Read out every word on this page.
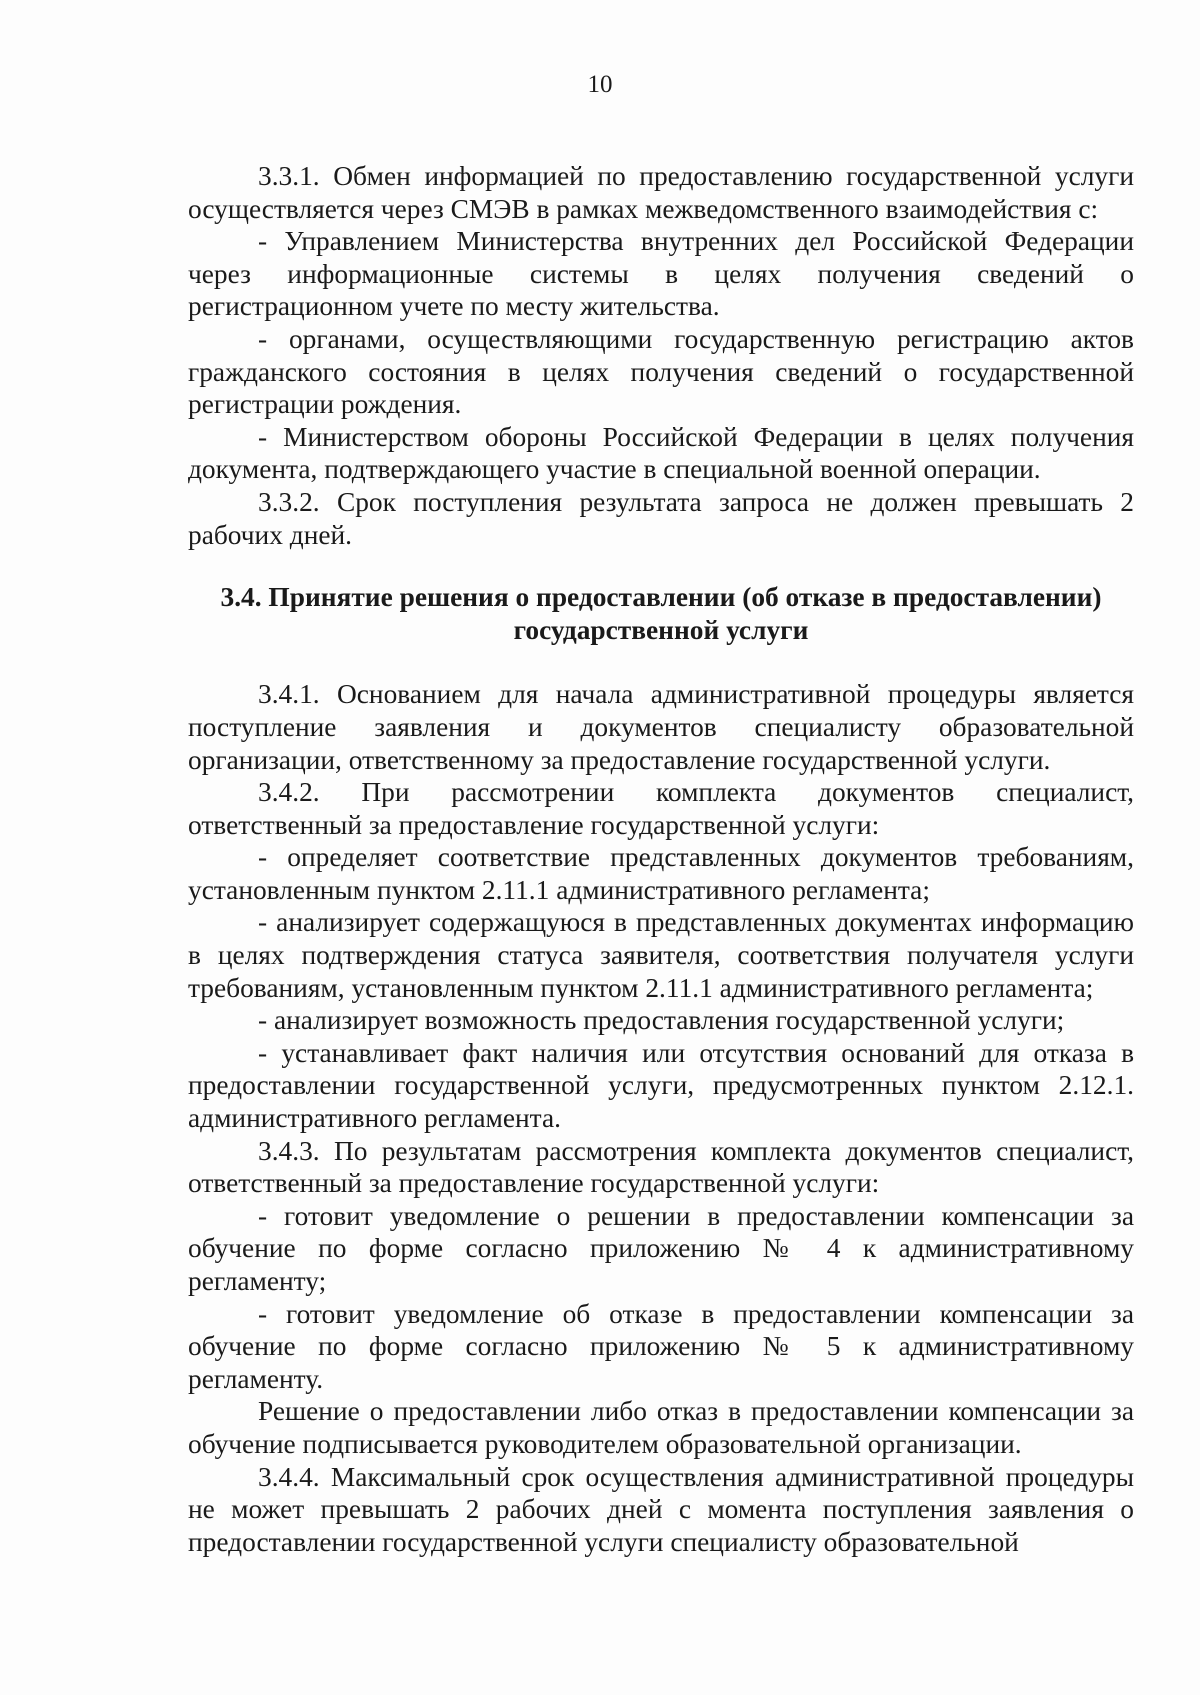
10

3.3.1. Обмен информацией по предоставлению государственной услуги осуществляется через СМЭВ в рамках межведомственного взаимодействия с:

- Управлением Министерства внутренних дел Российской Федерации через информационные системы в целях получения сведений о регистрационном учете по месту жительства.

- органами, осуществляющими государственную регистрацию актов гражданского состояния в целях получения сведений о государственной регистрации рождения.

- Министерством обороны Российской Федерации в целях получения документа, подтверждающего участие в специальной военной операции.

3.3.2. Срок поступления результата запроса не должен превышать 2 рабочих дней.

3.4. Принятие решения о предоставлении (об отказе в предоставлении)
государственной услуги

3.4.1. Основанием для начала административной процедуры является поступление заявления и документов специалисту образовательной организации, ответственному за предоставление государственной услуги.

3.4.2. При рассмотрении комплекта документов специалист, ответственный за предоставление государственной услуги:

- определяет соответствие представленных документов требованиям, установленным пунктом 2.11.1 административного регламента;

- анализирует содержащуюся в представленных документах информацию в целях подтверждения статуса заявителя, соответствия получателя услуги требованиям, установленным пунктом 2.11.1 административного регламента;

- анализирует возможность предоставления государственной услуги;

- устанавливает факт наличия или отсутствия оснований для отказа в предоставлении государственной услуги, предусмотренных пунктом 2.12.1. административного регламента.

3.4.3. По результатам рассмотрения комплекта документов специалист, ответственный за предоставление государственной услуги:

- готовит уведомление о решении в предоставлении компенсации за обучение по форме согласно приложению № 4 к административному регламенту;

- готовит уведомление об отказе в предоставлении компенсации за обучение по форме согласно приложению № 5 к административному регламенту.

Решение о предоставлении либо отказ в предоставлении компенсации за обучение подписывается руководителем образовательной организации.

3.4.4. Максимальный срок осуществления административной процедуры не может превышать 2 рабочих дней с момента поступления заявления о предоставлении государственной услуги специалисту образовательной
